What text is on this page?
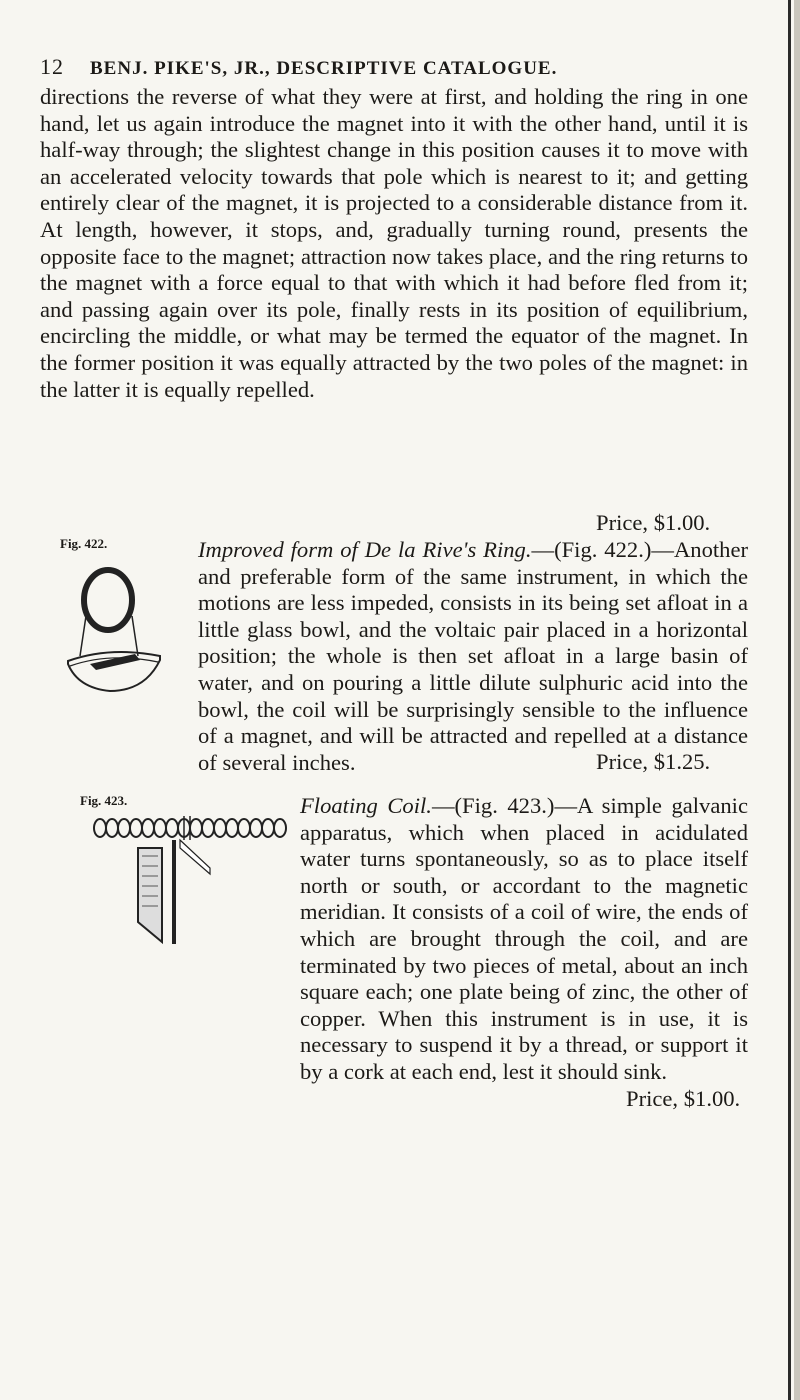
12 BENJ. PIKE'S, JR., DESCRIPTIVE CATALOGUE.
directions the reverse of what they were at first, and holding the ring in one hand, let us again introduce the magnet into it with the other hand, until it is half-way through; the slightest change in this position causes it to move with an accelerated velocity towards that pole which is nearest to it; and getting entirely clear of the magnet, it is projected to a considerable distance from it. At length, however, it stops, and, gradually turning round, presents the opposite face to the magnet; attraction now takes place, and the ring returns to the magnet with a force equal to that with which it had before fled from it; and passing again over its pole, finally rests in its position of equilibrium, encircling the middle, or what may be termed the equator of the magnet. In the former position it was equally attracted by the two poles of the magnet: in the latter it is equally repelled.
Price, $1.00.
Fig. 422.	Improved form of De la Rive's Ring.—(Fig. 422.)—Another and preferable form of the same instrument, in which the motions are less impeded, consists in its being set afloat in a little glass bowl, and the voltaic pair placed in a horizontal position; the whole is then set afloat in a large basin of water, and on pouring a little dilute sulphuric acid into the bowl, the coil will be surprisingly sensible to the influence of a magnet, and will be attracted and repelled at a distance of several inches.	Price, $1.25.
Fig. 423.	Floating Coil.—(Fig. 423.)—A simple galvanic apparatus, which when placed in acidulated water turns spontaneously, so as to place itself north or south, or accordant to the magnetic meridian. It consists of a coil of wire, the ends of which are brought through the coil, and are terminated by two pieces of metal, about an inch square each; one plate being of zinc, the other of copper. When this instrument is in use, it is necessary to suspend it by a thread, or support it by a cork at each end, lest it should sink.
Price, $1.00.
